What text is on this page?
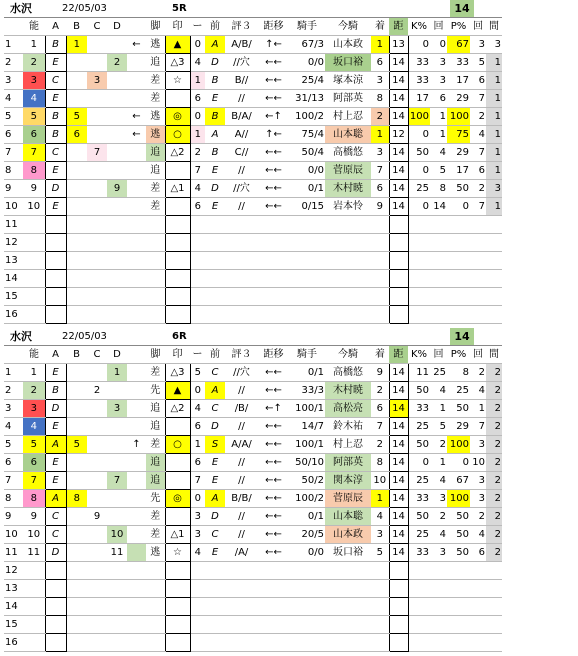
水沢	22/05/03	5R	14
	能	A	B	C	D		脚	印	ー	前	評３	距移	騎手	今騎	着	距	K%	回	P%	回	間
1	1	B	1			←	逃	▲	0	A	A/B/	↑←	67/3	山本政	1	13	0	0	67	3	3
2	2	E			2		追	△3	4	D	//穴	←←	0/0	坂口裕	6	14	33	3	33	5	1
3	3	C		3			差	☆	1	B	B//	←←	25/4	塚本涼	3	14	33	3	17	6	1
4	4	E					差		6	E	//	←←	31/13	阿部英	8	14	17	6	29	7	1
5	5	B	5			←	逃	◎	0	B	B/A/	←↑	100/2	村上忍	2	14	100	1	100	2	1
6	6	B	6			←	逃	○	1	A	A//	↑←	75/4	山本聡	1	12	0	1	75	4	1
7	7	C		7			追	△2	2	B	C//	←←	50/4	高橋悠	3	14	50	4	29	7	1
8	8	E					追		7	E	//	←←	0/0	菅原辰	7	14	0	5	17	6	1
9	9	D			9		差	△1	4	D	//穴	←←	0/1	木村暁	6	14	25	8	50	2	3
10	10	E					差		6	E	//	←←	0/15	岩本怜	9	14	0	14	0	7	1
11																					
12																					
13																					
14																					
15																					
16																					
水沢	22/05/03	6R	14
	能	A	B	C	D		脚	印	ー	前	評３	距移	騎手	今騎	着	距	K%	回	P%	回	間
1	1	E			1		差	△3	5	C	//穴	←←	0/1	高橋悠	9	14	11	25	8	2	2
2	2	B		2			先	▲	0	A	//	←←	33/3	木村暁	2	14	50	4	25	4	2
3	3	D			3		追	△2	4	C	/B/	←↑	100/1	高松亮	6	14	33	1	50	1	2
4	4	E					追		6	D	//	←←	14/7	鈴木祐	7	14	25	5	29	7	2
5	5	A	5			↑	差	○	1	S	A/A/	←←	100/1	村上忍	2	14	50	2	100	3	2
6	6	E					追		6	E	//	←←	50/10	阿部英	8	14	0	1	0	10	2
7	7	E			7		追		7	E	//	←←	50/2	関本淳	10	14	25	4	67	3	2
8	8	A	8				先	◎	0	A	B/B/	←←	100/2	菅原辰	1	14	33	3	100	3	2
9	9	C		9			差		3	D	//	←←	0/1	山本聡	4	14	50	2	50	2	2
10	10	C			10		差	△1	3	C	//	←←	20/5	山本政	3	14	25	4	50	4	2
11	11	D			11		逃	☆	4	E	/A/	←←	0/0	坂口裕	5	14	33	3	50	6	2
12																					
13																					
14																					
15																					
16																					
